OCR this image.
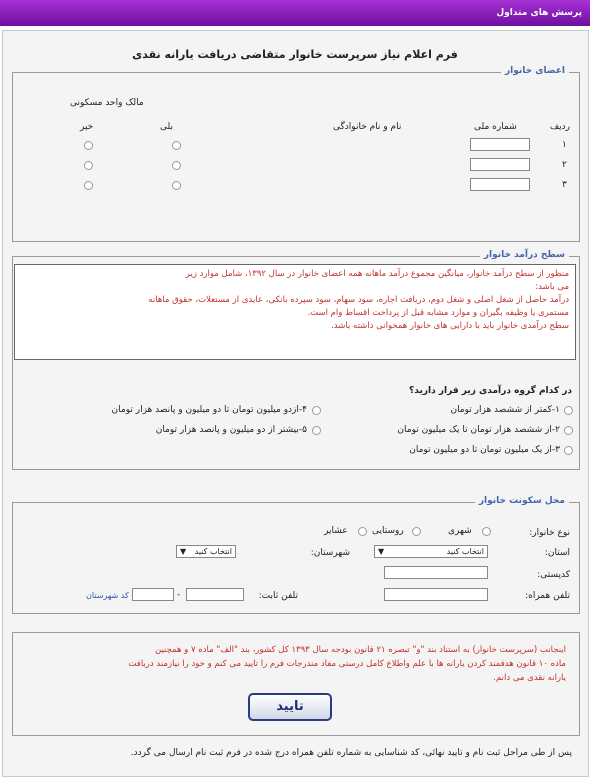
پرسش های متداول
فرم اعلام نیاز سرپرست خانوار متقاضی دریافت یارانه نقدی
اعضای خانوار
مالک واحد مسکونی
ردیف
شماره ملی
نام و نام خانوادگی
بلی
خیر
۱
۲
۳
سطح درآمد خانوار
منظور از سطح درآمد خانوار، میانگین مجموع درآمد ماهانه همه اعضای خانوار در سال ۱۳۹۲، شامل موارد زیر
می باشد:
درآمد حاصل از شغل اصلی و شغل دوم، دریافت اجاره، سود سهام، سود سپرده بانکی، عایدی از مستغلات، حقوق ماهانه
مستمری یا وظیفه بگیران و موارد مشابه قبل از پرداخت اقساط وام است.
سطح درآمدی خانوار باید با دارایی های خانوار همخوانی داشته باشد.
در کدام گروه درآمدی زیر قرار دارید؟
۱-کمتر از ششصد هزار تومان
۲-از ششصد هزار تومان تا یک میلیون تومان
۳-از یک میلیون تومان تا دو میلیون تومان
۴-ازدو میلیون تومان تا دو میلیون و پانصد هزار تومان
۵-بیشتر از دو میلیون و پانصد هزار تومان
محل سکونت خانوار
نوع خانوار:
شهری
روستایی
عشایر
استان:
انتخاب کنید
▼
شهرستان:
انتخاب کنید
▼
کدپستی:
تلفن همراه:
تلفن ثابت:
-
کد شهرستان
اینجانب (سرپرست خانوار) به استناد بند "و" تبصره ۲۱ قانون بودجه سال ۱۳۹۳ کل کشور، بند "الف" ماده ۷ و همچنین
ماده ۱۰ قانون هدفمند کردن یارانه ها با علم واطلاع کامل درستی مفاد مندرجات فرم را تایید می کنم و خود را نیازمند دریافت
یارانه نقدی می دانم.
تایید
پس از طی مراحل ثبت نام و تایید نهائی، کد شناسایی به شماره تلفن همراه درج شده در فرم ثبت نام ارسال می گردد.
